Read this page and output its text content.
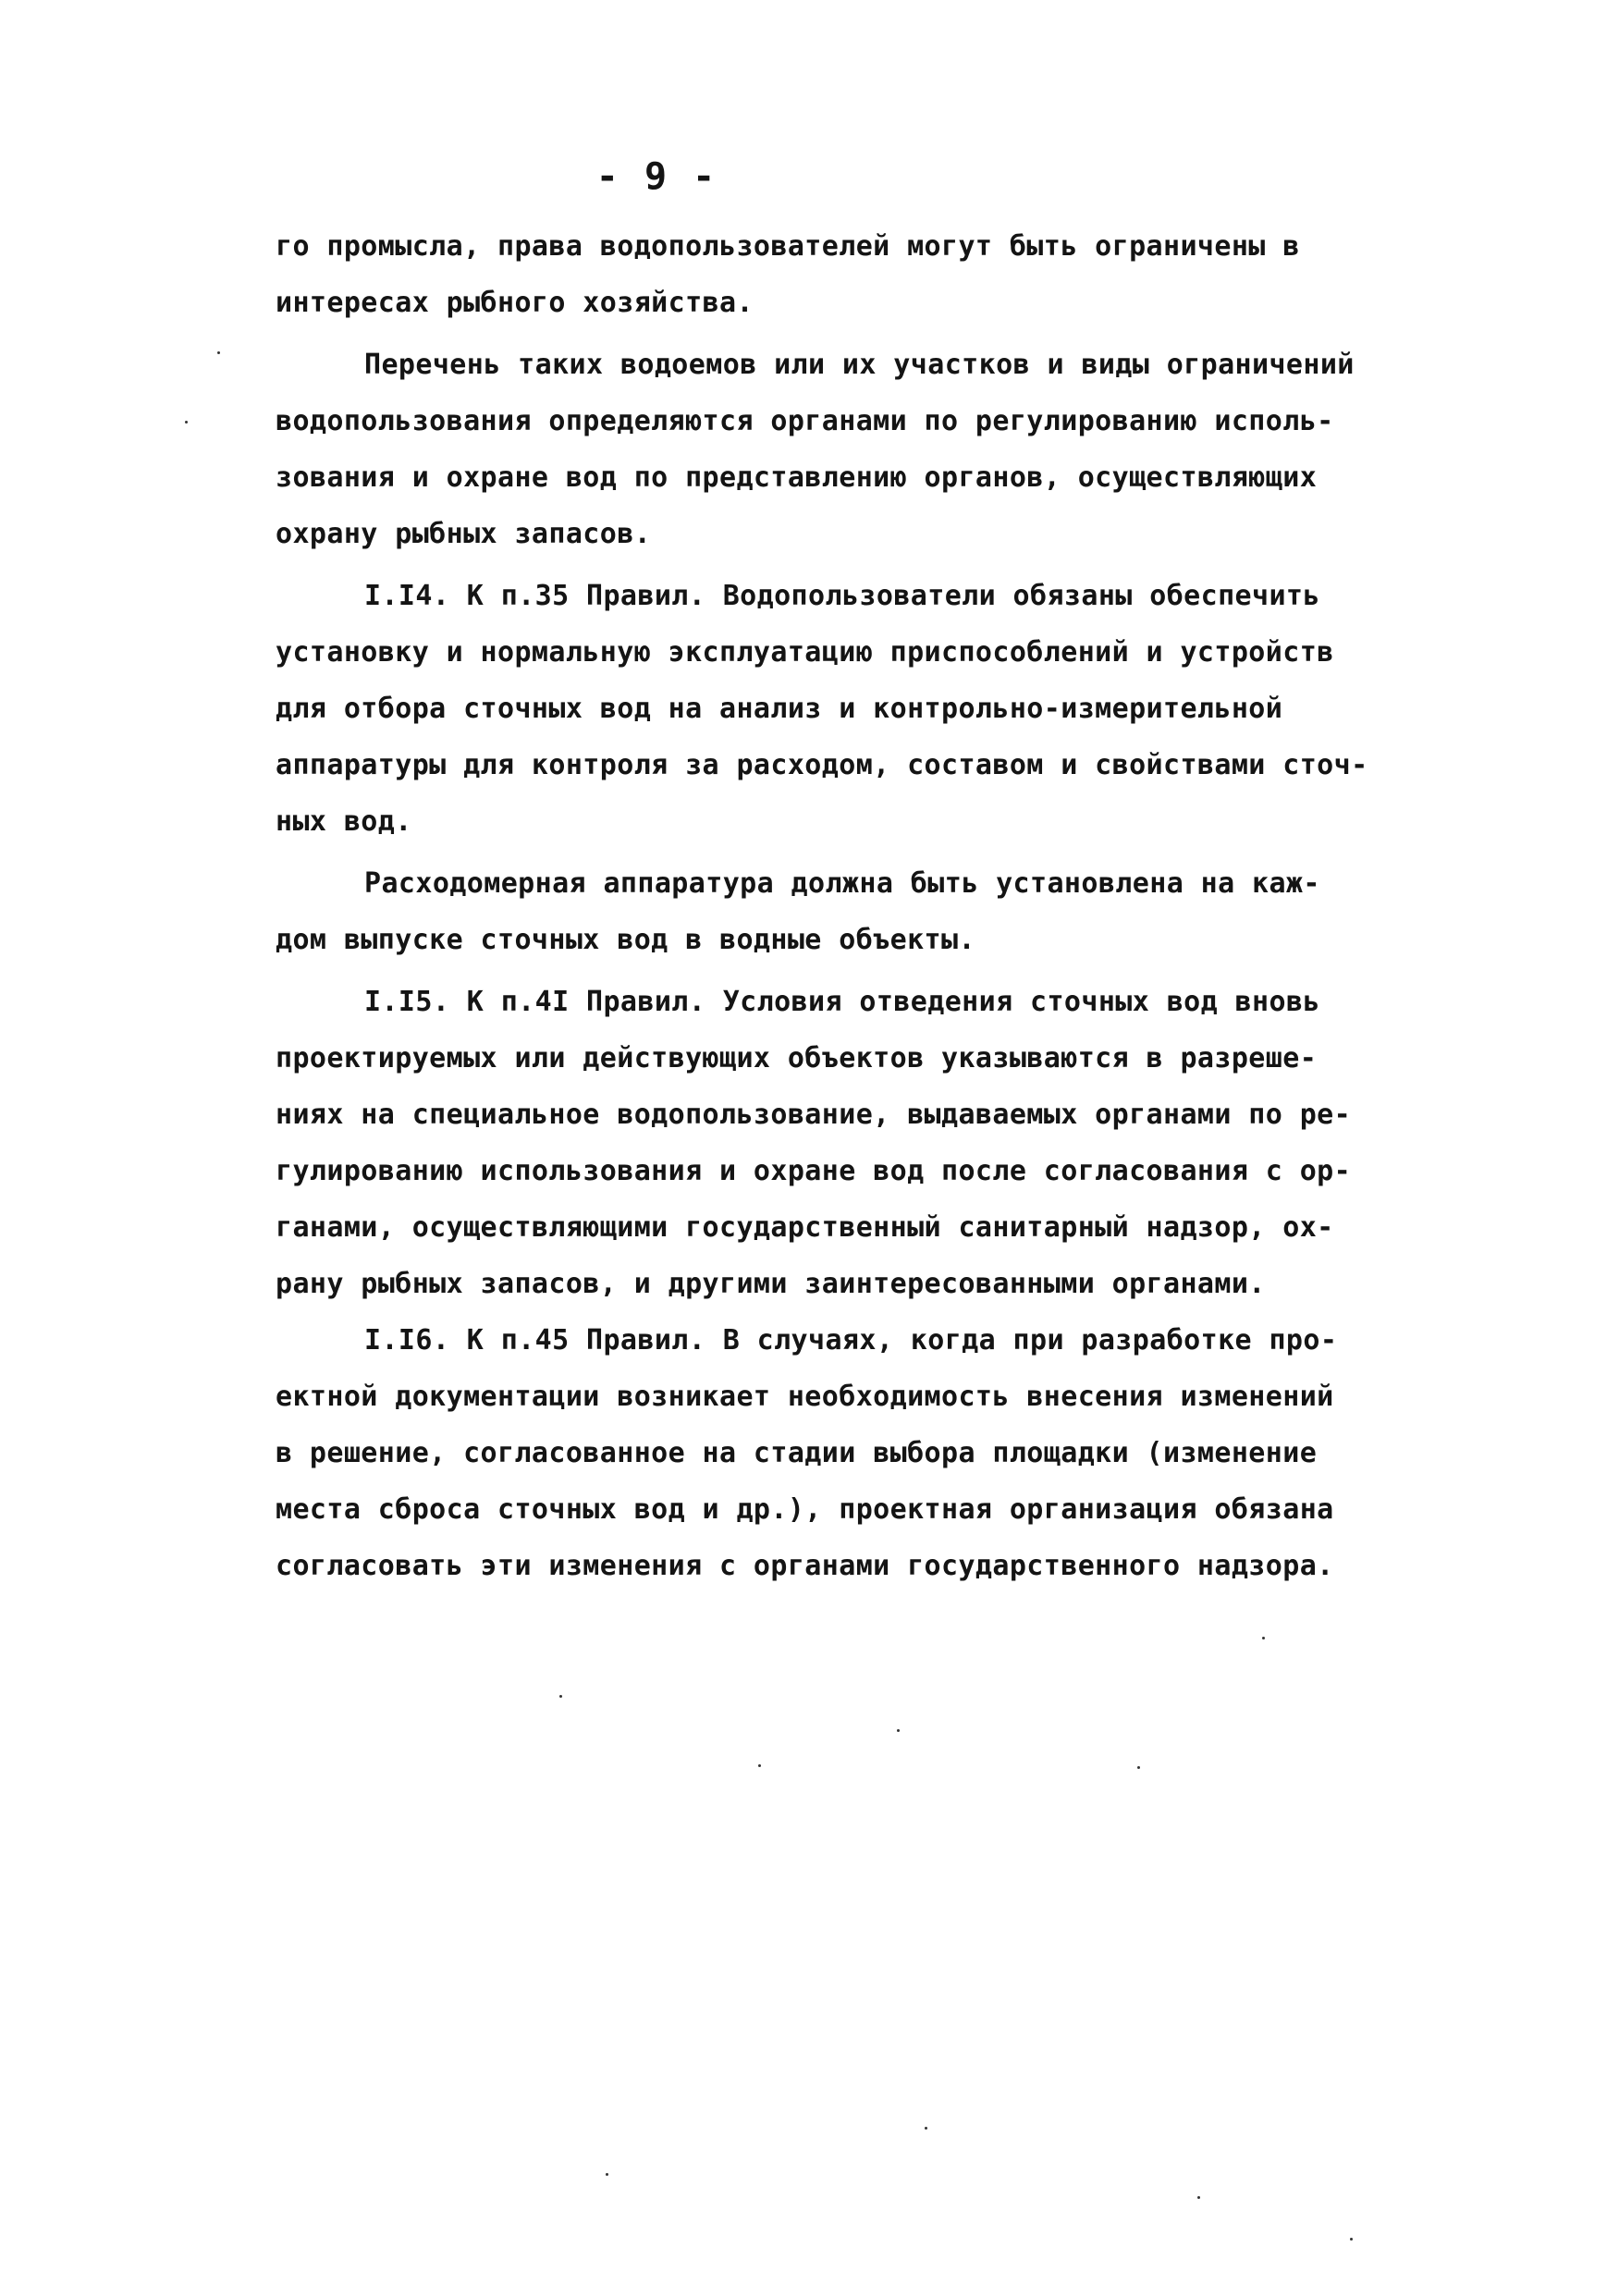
- 9 -
го промысла, права водопользователей могут быть ограничены в
интересах рыбного хозяйства.
Перечень таких водоемов или их участков и виды ограничений
водопользования определяются органами по регулированию исполь-
зования и охране вод по представлению органов, осуществляющих
охрану рыбных запасов.
I.I4. К п.35 Правил. Водопользователи обязаны обеспечить
установку и нормальную эксплуатацию приспособлений и устройств
для отбора сточных вод на анализ и контрольно-измерительной
аппаратуры для контроля за расходом, составом и свойствами сточ-
ных вод.
Расходомерная аппаратура должна быть установлена на каж-
дом выпуске сточных вод в водные объекты.
I.I5. К п.4I Правил. Условия отведения сточных вод вновь
проектируемых или действующих объектов указываются в разреше-
ниях на специальное водопользование, выдаваемых органами по ре-
гулированию использования и охране вод после согласования с ор-
ганами, осуществляющими государственный санитарный надзор, ох-
рану рыбных запасов, и другими заинтересованными органами.
I.I6. К п.45 Правил. В случаях, когда при разработке про-
ектной документации возникает необходимость внесения изменений
в решение, согласованное на стадии выбора площадки (изменение
места сброса сточных вод и др.), проектная организация обязана
согласовать эти изменения с органами государственного надзора.
